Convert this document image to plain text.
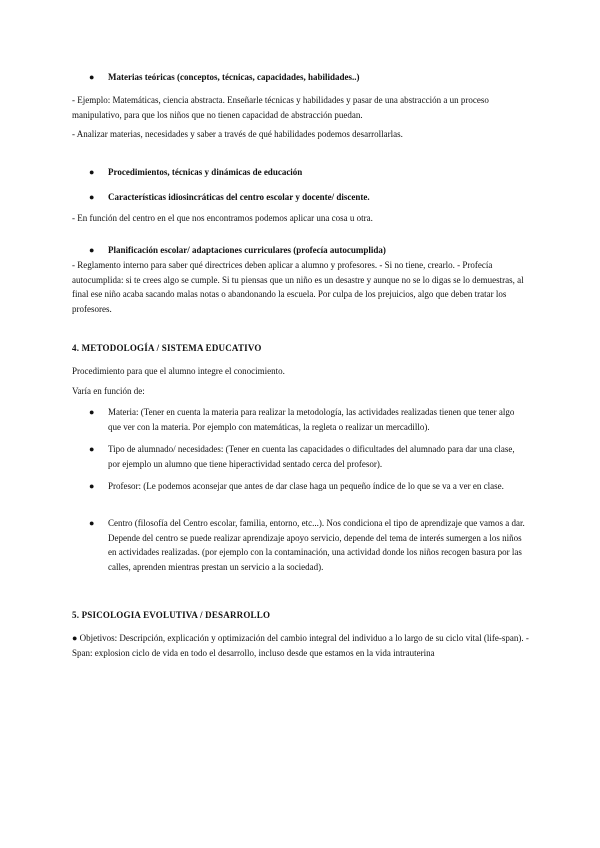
● Materias teóricas (conceptos, técnicas, capacidades, habilidades..)

- Ejemplo: Matemáticas, ciencia abstracta. Enseñarle técnicas y habilidades y pasar de una abstracción a un proceso manipulativo, para que los niños que no tienen capacidad de abstracción puedan.

- Analizar materias, necesidades y saber a través de qué habilidades podemos desarrollarlas.

● Procedimientos, técnicas y dinámicas de educación

● Características idiosincráticas del centro escolar y docente/ discente.

- En función del centro en el que nos encontramos podemos aplicar una cosa u otra.

● Planificación escolar/ adaptaciones curriculares (profecía autocumplida)

- Reglamento interno para saber qué directrices deben aplicar a alumno y profesores. - Si no tiene, crearlo. - Profecía autocumplida: si te crees algo se cumple. Si tu piensas que un niño es un desastre y aunque no se lo digas se lo demuestras, al final ese niño acaba sacando malas notas o abandonando la escuela. Por culpa de los prejuicios, algo que deben tratar los profesores.

4. METODOLOGÍA / SISTEMA EDUCATIVO

Procedimiento para que el alumno integre el conocimiento.

Varía en función de:

● Materia: (Tener en cuenta la materia para realizar la metodología, las actividades realizadas tienen que tener algo que ver con la materia. Por ejemplo con matemáticas, la regleta o realizar un mercadillo).

● Tipo de alumnado/ necesidades: (Tener en cuenta las capacidades o dificultades del alumnado para dar una clase, por ejemplo un alumno que tiene hiperactividad sentado cerca del profesor).

● Profesor: (Le podemos aconsejar que antes de dar clase haga un pequeño índice de lo que se va a ver en clase.

● Centro (filosofía del Centro escolar, familia, entorno, etc...). Nos condiciona el tipo de aprendizaje que vamos a dar. Depende del centro se puede realizar aprendizaje apoyo servicio, depende del tema de interés sumergen a los niños en actividades realizadas. (por ejemplo con la contaminación, una actividad donde los niños recogen basura por las calles, aprenden mientras prestan un servicio a la sociedad).

5. PSICOLOGIA EVOLUTIVA / DESARROLLO

● Objetivos: Descripción, explicación y optimización del cambio integral del individuo a lo largo de su ciclo vital (life-span). - Span: explosion ciclo de vida en todo el desarrollo, incluso desde que estamos en la vida intrauterina
